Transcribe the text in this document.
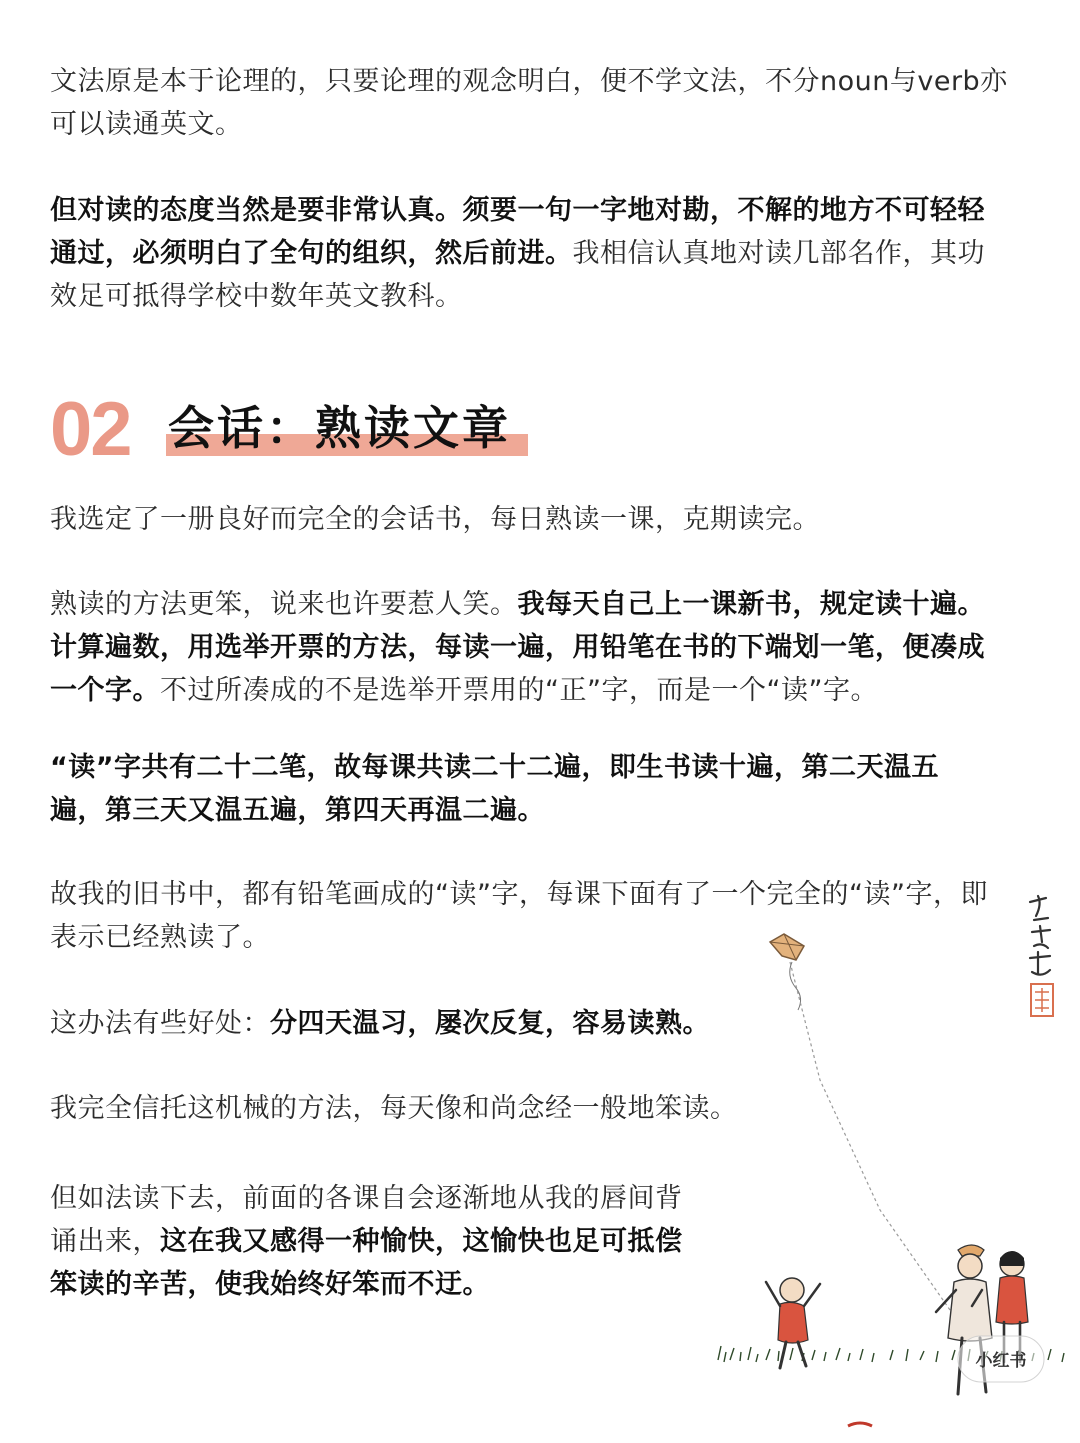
文法原是本于论理的，只要论理的观念明白，便不学文法，不分noun与verb亦
可以读通英文。

但对读的态度当然是要非常认真。须要一句一字地对勘，不解的地方不可轻轻
通过，必须明白了全句的组织，然后前进。我相信认真地对读几部名作，其功
效足可抵得学校中数年英文教科。

02 会话：熟读文章

我选定了一册良好而完全的会话书，每日熟读一课，克期读完。

熟读的方法更笨，说来也许要惹人笑。我每天自己上一课新书，规定读十遍。
计算遍数，用选举开票的方法，每读一遍，用铅笔在书的下端划一笔，便凑成
一个字。不过所凑成的不是选举开票用的“正”字，而是一个“读”字。

“读”字共有二十二笔，故每课共读二十二遍，即生书读十遍，第二天温五
遍，第三天又温五遍，第四天再温二遍。

故我的旧书中，都有铅笔画成的“读”字，每课下面有了一个完全的“读”字，即
表示已经熟读了。

这办法有些好处：分四天温习，屡次反复，容易读熟。

我完全信托这机械的方法，每天像和尚念经一般地笨读。

但如法读下去，前面的各课自会逐渐地从我的唇间背
诵出来，这在我又感得一种愉快，这愉快也足可抵偿
笨读的辛苦，使我始终好笨而不迂。

小红书
小红书号
